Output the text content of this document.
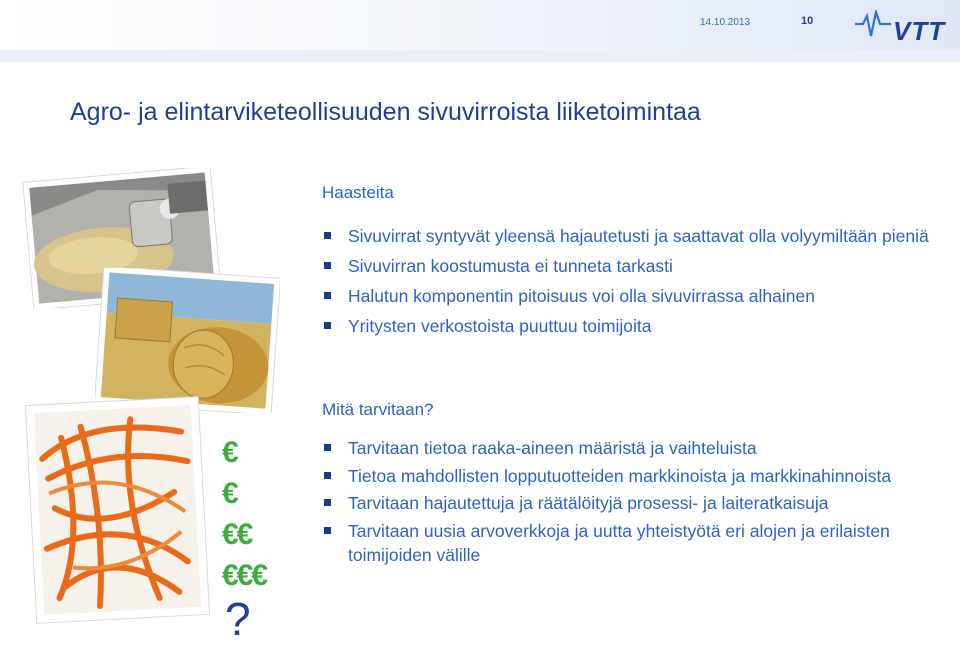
14.10.2013	10	VTT
Agro- ja elintarviketeollisuuden sivuvirroista liiketoimintaa
Haasteita
Sivuvirrat syntyvät yleensä hajautetusti ja saattavat olla volyymiltään pieniä
Sivuvirran koostumusta ei tunneta tarkasti
Halutun komponentin pitoisuus voi olla sivuvirrassa alhainen
Yritysten verkostoista puuttuu toimijoita
Mitä tarvitaan?
Tarvitaan tietoa raaka-aineen määristä ja vaihteluista
Tietoa mahdollisten lopputuotteiden markkinoista ja markkinahinnoista
Tarvitaan hajautettuja ja räätälöityjä prosessi- ja laiteratkaisuja
Tarvitaan uusia arvoverkkoja ja uutta yhteistyötä eri alojen ja erilaisten toimijoiden välille
€
€
€€
€€€
?
